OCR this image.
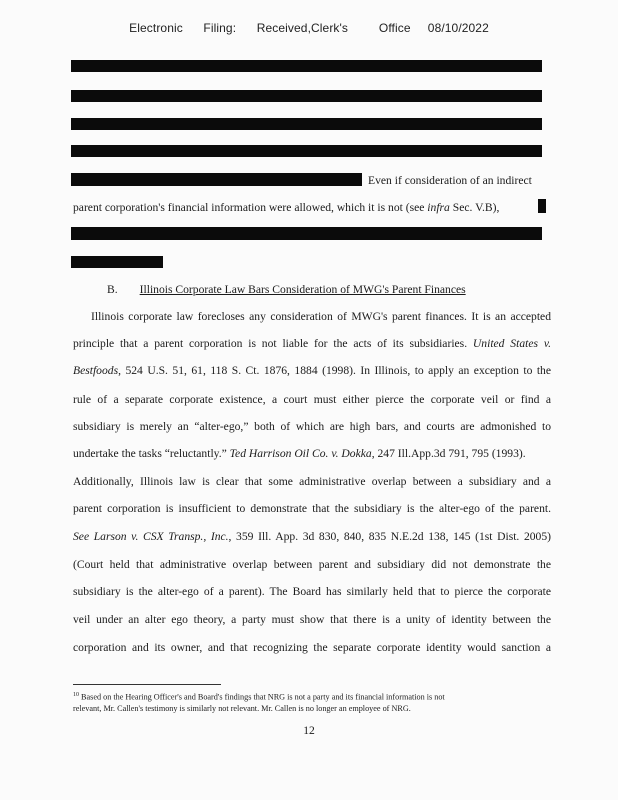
Electronic      Filing:      Received,Clerk's         Office     08/10/2022
Even if consideration of an indirect
parent corporation's financial information were allowed, which it is not (see infra Sec. V.B),
B. Illinois Corporate Law Bars Consideration of MWG's Parent Finances
Illinois corporate law forecloses any consideration of MWG's parent finances. It is an accepted
principle that a parent corporation is not liable for the acts of its subsidiaries. United States v.
Bestfoods, 524 U.S. 51, 61, 118 S. Ct. 1876, 1884 (1998). In Illinois, to apply an exception to the
rule of a separate corporate existence, a court must either pierce the corporate veil or find a
subsidiary is merely an “alter-ego,” both of which are high bars, and courts are admonished to
undertake the tasks “reluctantly.” Ted Harrison Oil Co. v. Dokka, 247 Ill.App.3d 791, 795 (1993).
Additionally, Illinois law is clear that some administrative overlap between a subsidiary and a
parent corporation is insufficient to demonstrate that the subsidiary is the alter-ego of the parent.
See Larson v. CSX Transp., Inc., 359 Ill. App. 3d 830, 840, 835 N.E.2d 138, 145 (1st Dist. 2005)
(Court held that administrative overlap between parent and subsidiary did not demonstrate the
subsidiary is the alter-ego of a parent). The Board has similarly held that to pierce the corporate
veil under an alter ego theory, a party must show that there is a unity of identity between the
corporation and its owner, and that recognizing the separate corporate identity would sanction a
$^{10}$ Based on the Hearing Officer's and Board's findings that NRG is not a party and its financial information is not
relevant, Mr. Callen's testimony is similarly not relevant. Mr. Callen is no longer an employee of NRG.
12
